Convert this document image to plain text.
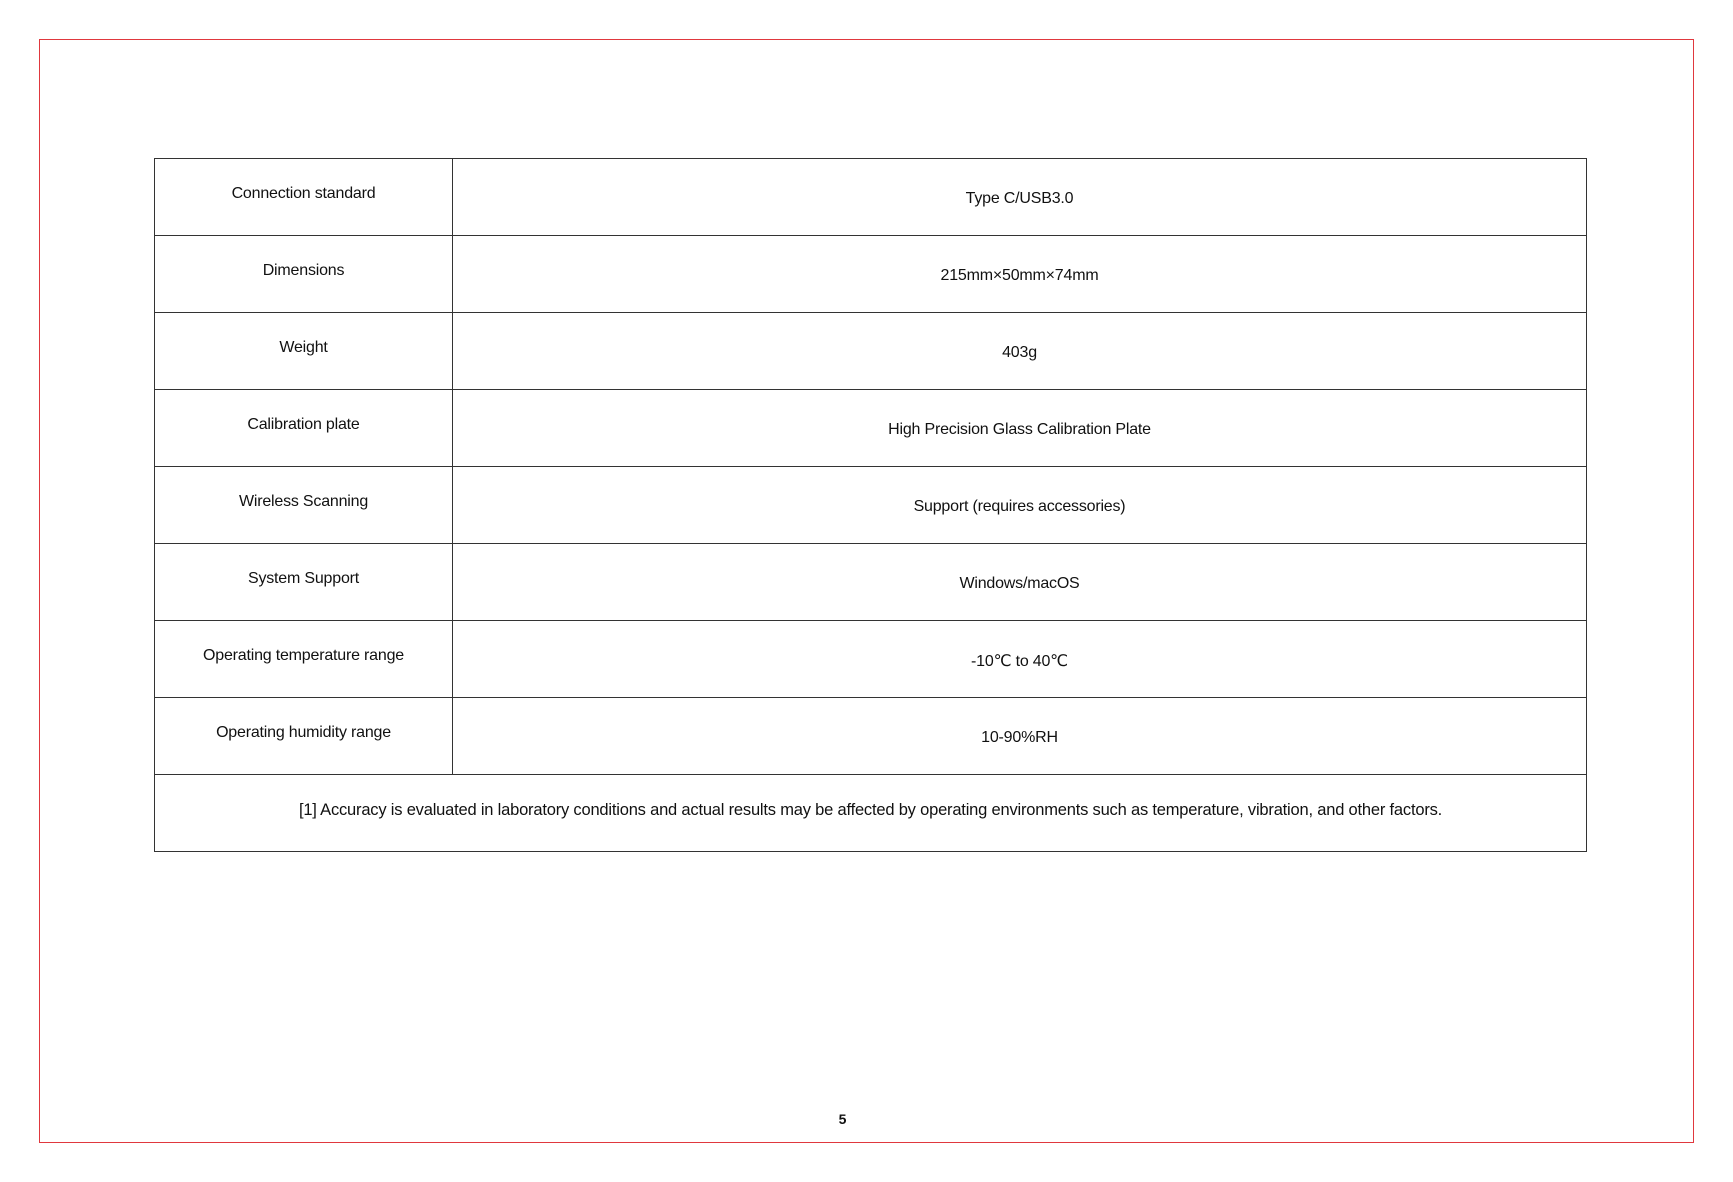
Connection standard	Type C/USB3.0
Dimensions	215mm×50mm×74mm
Weight	403g
Calibration plate	High Precision Glass Calibration Plate
Wireless Scanning	Support (requires accessories)
System Support	Windows/macOS
Operating temperature range	-10℃ to 40℃
Operating humidity range	10-90%RH
[1] Accuracy is evaluated in laboratory conditions and actual results may be affected by operating environments such as temperature, vibration, and other factors.	
5
